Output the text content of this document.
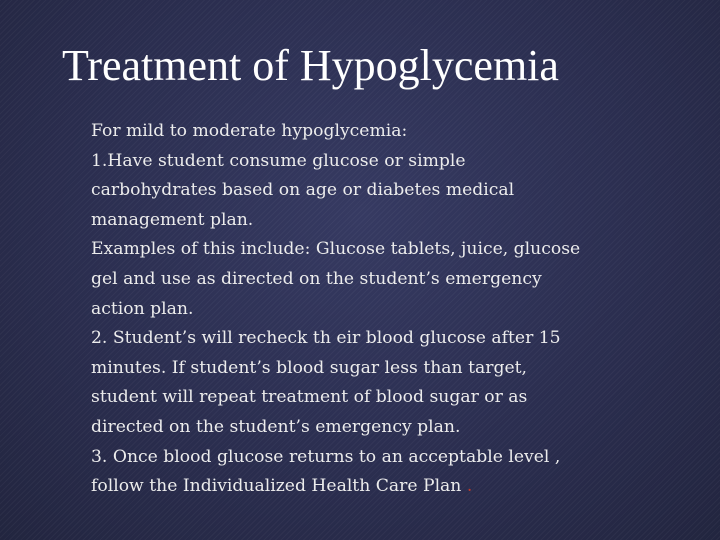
Treatment of Hypoglycemia
For mild to moderate hypoglycemia:
1.Have student consume glucose or simple
carbohydrates based on age or diabetes medical
management plan.
Examples of this include: Glucose tablets, juice, glucose
gel and use as directed on the student’s emergency
action plan.
2. Student’s will recheck th eir blood glucose after 15
minutes. If student’s blood sugar less than target,
student will repeat treatment of blood sugar or as
directed on the student’s emergency plan.
3. Once blood glucose returns to an acceptable level ,
follow the Individualized Health Care Plan .
